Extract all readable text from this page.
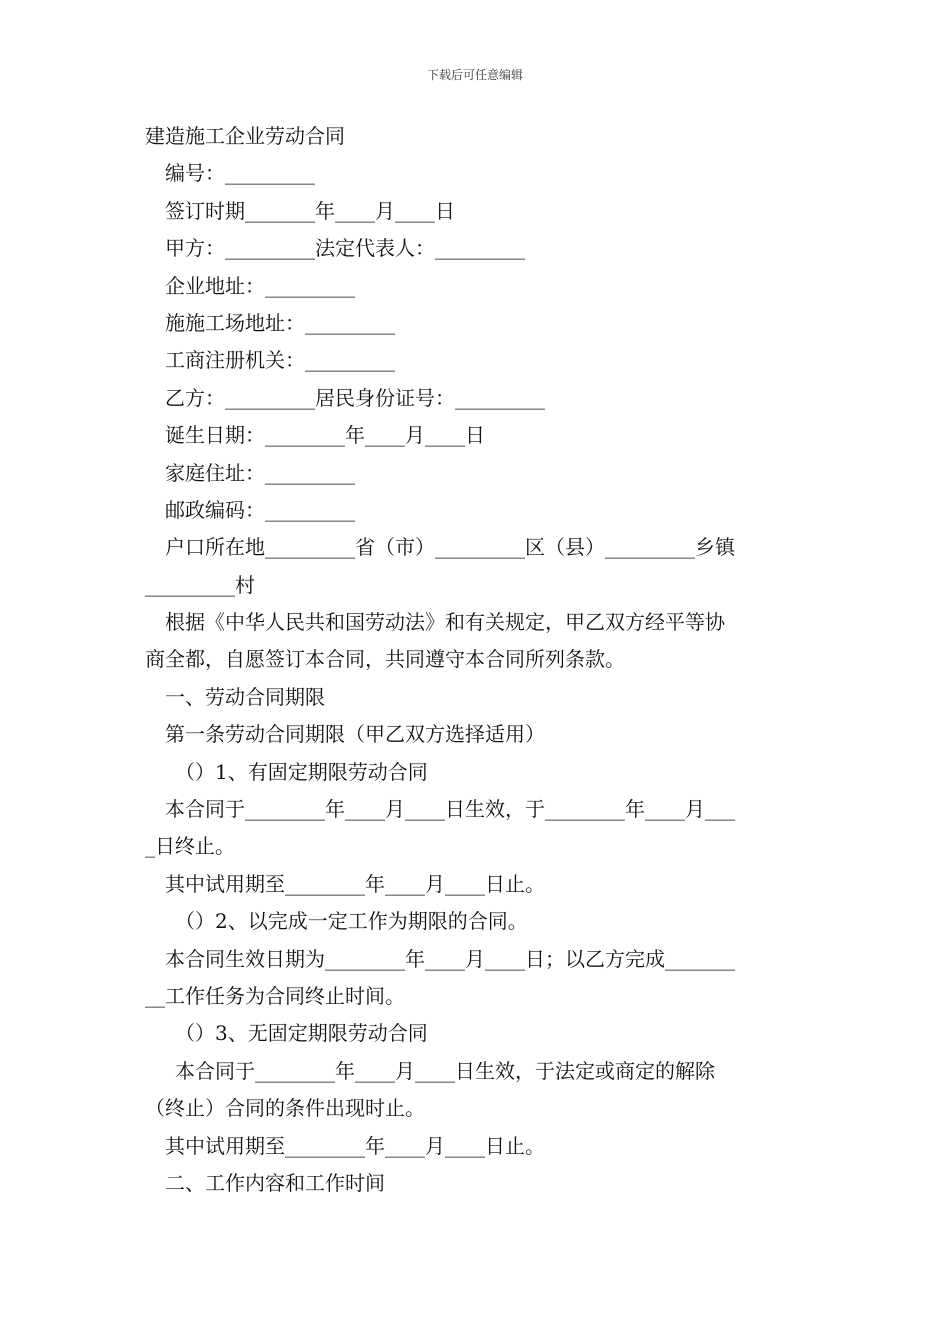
下载后可任意编辑
建造施工企业劳动合同
编号：_________
签订时期_______年____月____日
甲方：_________法定代表人：_________
企业地址：_________
施施工场地址：_________
工商注册机关：_________
乙方：_________居民身份证号：_________
诞生日期：________年____月____日
家庭住址：_________
邮政编码：_________
户口所在地_________省（市）_________区（县）_________乡镇
_________村
根据《中华人民共和国劳动法》和有关规定，甲乙双方经平等协
商全都，自愿签订本合同，共同遵守本合同所列条款。
一、劳动合同期限
第一条劳动合同期限（甲乙双方选择适用）
（）1、有固定期限劳动合同
本合同于________年____月____日生效，于________年____月___
_日终止。
其中试用期至________年____月____日止。
（）2、以完成一定工作为期限的合同。
本合同生效日期为________年____月____日；以乙方完成_______
__工作任务为合同终止时间。
（）3、无固定期限劳动合同
本合同于________年____月____日生效，于法定或商定的解除
（终止）合同的条件出现时止。
其中试用期至________年____月____日止。
二、工作内容和工作时间
